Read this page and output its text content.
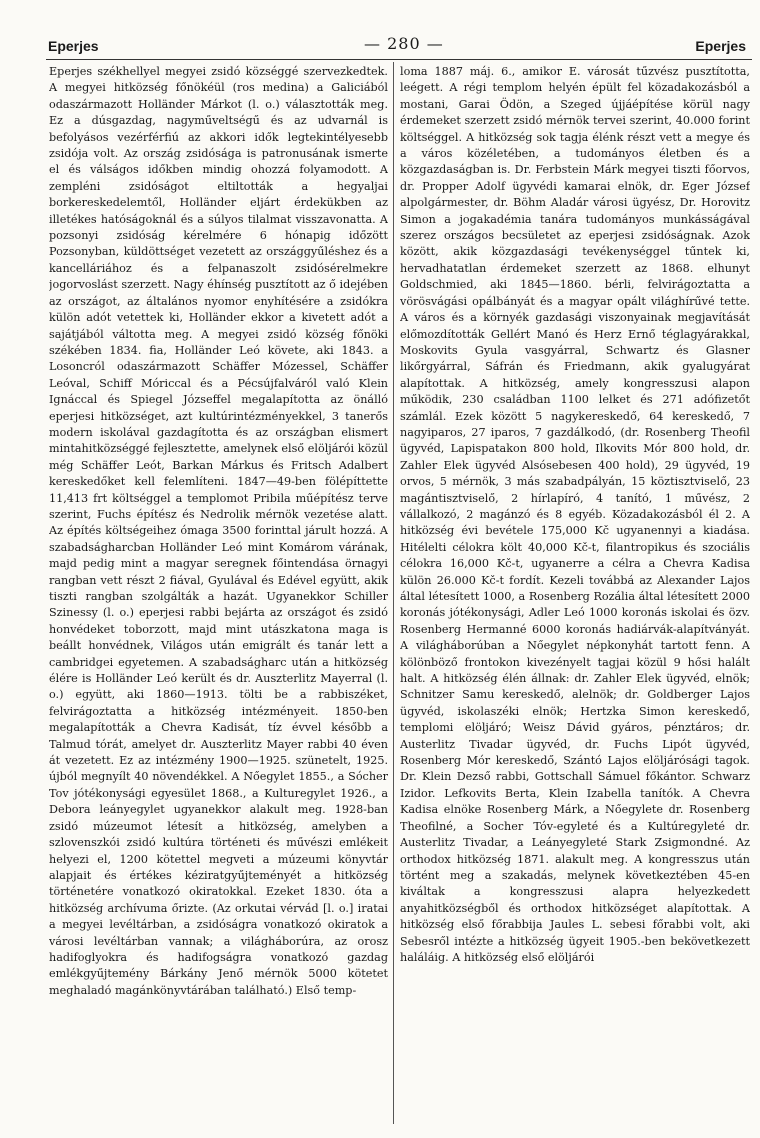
Eperjes	— 280 —	Eperjes

Eperjes székhellyel megyei zsidó községgé szervezkedtek. A megyei hitközség főnökéül (ros medina) a Galiciából odaszármazott Holländer Márkot (l. o.) választották meg. Ez a dúsgazdag, nagyműveltségű és az udvarnál is befolyásos vezérférfiú az akkori idők legtekintélyesebb zsidója volt. Az ország zsidósága is patronusának ismerte el és válságos időkben mindig ohozzá folyamodott. A zempléni zsidóságot eltiltották a hegyaljai borkereskedelemtől, Holländer eljárt érdekükben az illetékes hatóságoknál és a súlyos tilalmat visszavonatta. A pozsonyi zsidóság kérelmére 6 hónapig időzött Pozsonyban, küldöttséget vezetett az országgyűléshez és a kancelláriához és a felpanaszolt zsidósérelmekre jogorvoslást szerzett. Nagy éhínség pusztított az ő idejében az országot, az általános nyomor enyhítésére a zsidókra külön adót vetettek ki, Holländer ekkor a kivetett adót a sajátjából váltotta meg. A megyei zsidó község főnöki székében 1834. fia, Holländer Leó követe, aki 1843. a Losoncról odaszármazott Schäffer Mózessel, Schäffer Leóval, Schiff Móriccal és a Pécsújfalváról való Klein Ignáccal és Spiegel Józseffel megalapította az önálló eperjesi hitközséget, azt kultúrintézményekkel, 3 tanerős modern iskolával gazdagította és az országban elismert mintahitközséggé fejlesztette, amelynek első elöljárói közül még Schäffer Leót, Barkan Márkus és Fritsch Adalbert kereskedőket kell felemlíteni. 1847—49-ben fölépíttette 11,413 frt költséggel a templomot Pribila műépítész terve szerint, Fuchs építész és Nedrolik mérnök vezetése alatt. Az építés költségeihez ómaga 3500 forinttal járult hozzá. A szabadságharcban Holländer Leó mint Komárom várának, majd pedig mint a magyar seregnek főintendása örnagyi rangban vett részt 2 fiával, Gyulával és Edével együtt, akik tiszti rangban szolgálták a hazát. Ugyanekkor Schiller Szinessy (l. o.) eperjesi rabbi bejárta az országot és zsidó honvédeket toborzott, majd mint utászkatona maga is beállt honvédnek, Világos után emigrált és tanár lett a cambridgei egyetemen. A szabadságharc után a hitközség élére is Holländer Leó került és dr. Auszterlitz Mayerral (l. o.) együtt, aki 1860—1913. tölti be a rabbiszéket, felvirágoztatta a hitközség intézményeit. 1850-ben megalapították a Chevra Kadisát, tíz évvel később a Talmud tórát, amelyet dr. Auszterlitz Mayer rabbi 40 éven át vezetett. Ez az intézmény 1900—1925. szünetelt, 1925. újból megnyílt 40 növendékkel. A Nőegylet 1855., a Sócher Tov jótékonysági egyesület 1868., a Kulturegylet 1926., a Debora leányegylet ugyanekkor alakult meg. 1928-ban zsidó múzeumot létesít a hitközség, amelyben a szlovenszkói zsidó kultúra történeti és művészi emlékeit helyezi el, 1200 kötettel megveti a múzeumi könyvtár alapjait és értékes kéziratgyűjteményét a hitközség történetére vonatkozó okiratokkal. Ezeket 1830. óta a hitközség archívuma őrizte. (Az orkutai vérvád [l. o.] iratai a megyei levéltárban, a zsidóságra vonatkozó okiratok a városi levéltárban vannak; a világháborúra, az orosz hadifoglyokra és hadifogságra vonatkozó gazdag emlékgyűjtemény Bárkány Jenő mérnök 5000 kötetet meghaladó magánkönyvtárában található.) Első temp-

loma 1887 máj. 6., amikor E. városát tűzvész pusztította, leégett. A régi templom helyén épült fel közadakozásból a mostani, Garai Ödön, a Szeged újjáépítése körül nagy érdemeket szerzett zsidó mérnök tervei szerint, 40.000 forint költséggel. A hitközség sok tagja élénk részt vett a megye és a város közéletében, a tudományos életben és a közgazdaságban is. Dr. Ferbstein Márk megyei tiszti főorvos, dr. Propper Adolf ügyvédi kamarai elnök, dr. Eger József alpolgármester, dr. Böhm Aladár városi ügyész, Dr. Horovitz Simon a jogakadémia tanára tudományos munkásságával szerez országos becsületet az eperjesi zsidóságnak. Azok között, akik közgazdasági tevékenységgel tűntek ki, hervadhatatlan érdemeket szerzett az 1868. elhunyt Goldschmied, aki 1845—1860. bérli, felvirágoztatta a vörösvágási opálbányát és a magyar opált világhírűvé tette. A város és a környék gazdasági viszonyainak megjavítását előmozdították Gellért Manó és Herz Ernő téglagyárakkal, Moskovits Gyula vasgyárral, Schwartz és Glasner likőrgyárral, Sáfrán és Friedmann, akik gyalugyárat alapítottak. A hitközség, amely kongresszusi alapon működik, 230 családban 1100 lelket és 271 adófizetőt számlál. Ezek között 5 nagykereskedő, 64 kereskedő, 7 nagyiparos, 27 iparos, 7 gazdálkodó, (dr. Rosenberg Theofil ügyvéd, Lapispatakon 800 hold, Ilkovits Mór 800 hold, dr. Zahler Elek ügyvéd Alsósebesen 400 hold), 29 ügyvéd, 19 orvos, 5 mérnök, 3 más szabadpályán, 15 köztisztviselő, 23 magántisztviselő, 2 hírlapíró, 4 tanító, 1 művész, 2 vállalkozó, 2 magánzó és 8 egyéb. Közadakozásból él 2. A hitközség évi bevétele 175,000 Kč ugyanennyi a kiadása. Hitélelti célokra költ 40,000 Kč-t, filantropikus és szociális célokra 16,000 Kč-t, ugyanerre a célra a Chevra Kadisa külön 26.000 Kč-t fordít. Kezeli továbbá az Alexander Lajos által létesített 1000, a Rosenberg Rozália által létesített 2000 koronás jótékonysági, Adler Leó 1000 koronás iskolai és özv. Rosenberg Hermanné 6000 koronás hadiárvák-alapítványát. A világháborúban a Nőegylet népkonyhát tartott fenn. A kölönböző frontokon kivezényelt tagjai közül 9 hősi halált halt. A hitközség élén állnak: dr. Zahler Elek ügyvéd, elnök; Schnitzer Samu kereskedő, alelnök; dr. Goldberger Lajos ügyvéd, iskolaszéki elnök; Hertzka Simon kereskedő, templomi elöljáró; Weisz Dávid gyáros, pénztáros; dr. Austerlitz Tivadar ügyvéd, dr. Fuchs Lipót ügyvéd, Rosenberg Mór kereskedő, Szántó Lajos elöljárósági tagok. Dr. Klein Dezső rabbi, Gottschall Sámuel főkántor. Schwarz Izidor. Lefkovits Berta, Klein Izabella tanítók. A Chevra Kadisa elnöke Rosenberg Márk, a Nőegylete dr. Rosenberg Theofilné, a Socher Tóv-egyleté és a Kultúregyleté dr. Austerlitz Tivadar, a Leányegyleté Stark Zsigmondné. Az orthodox hitközség 1871. alakult meg. A kongresszus után történt meg a szakadás, melynek következtében 45-en kiváltak a kongresszusi alapra helyezkedett anyahitközségből és orthodox hitközséget alapítottak. A hitközség első főrabbija Jaules L. sebesi főrabbi volt, aki Sebesről intézte a hitközség ügyeit 1905.-ben bekövetkezett haláláig. A hitközség első elöljárói
